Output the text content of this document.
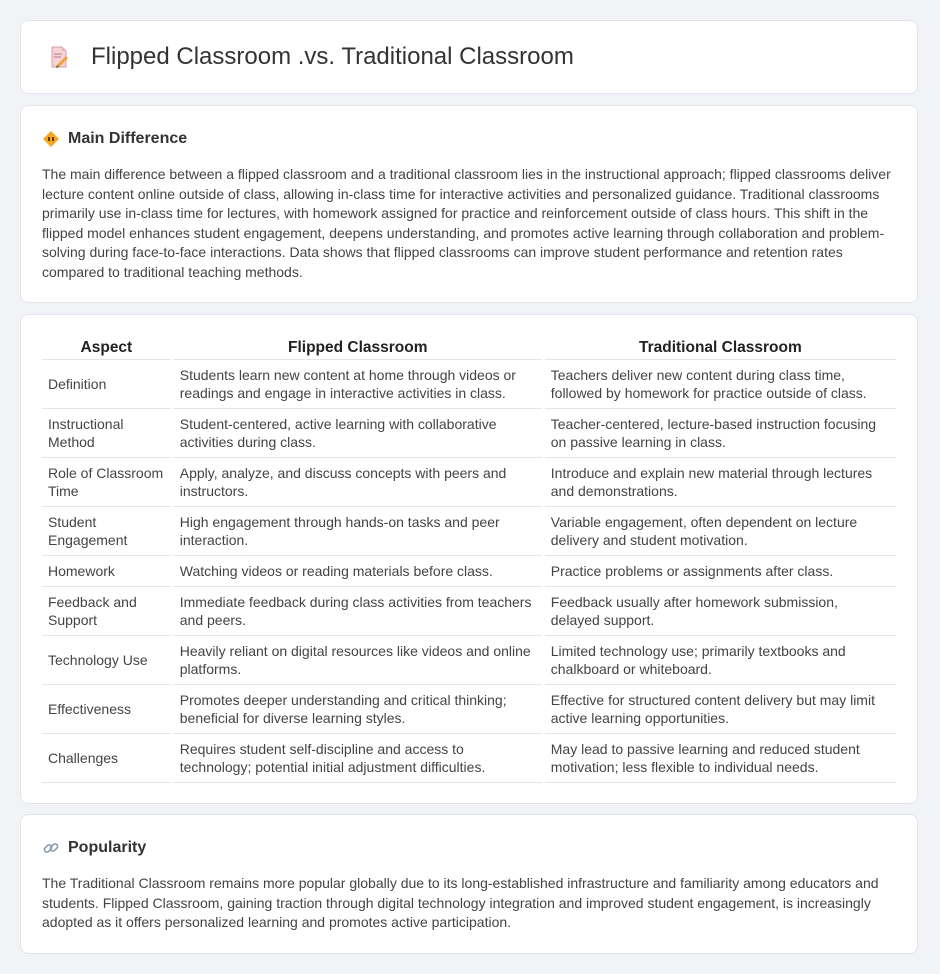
Flipped Classroom .vs. Traditional Classroom
Main Difference

The main difference between a flipped classroom and a traditional classroom lies in the instructional approach; flipped classrooms deliver lecture content online outside of class, allowing in-class time for interactive activities and personalized guidance. Traditional classrooms primarily use in-class time for lectures, with homework assigned for practice and reinforcement outside of class hours. This shift in the flipped model enhances student engagement, deepens understanding, and promotes active learning through collaboration and problem-solving during face-to-face interactions. Data shows that flipped classrooms can improve student performance and retention rates compared to traditional teaching methods.

Aspect	Flipped Classroom	Traditional Classroom
Definition	Students learn new content at home through videos or readings and engage in interactive activities in class.	Teachers deliver new content during class time, followed by homework for practice outside of class.
Instructional Method	Student-centered, active learning with collaborative activities during class.	Teacher-centered, lecture-based instruction focusing on passive learning in class.
Role of Classroom Time	Apply, analyze, and discuss concepts with peers and instructors.	Introduce and explain new material through lectures and demonstrations.
Student Engagement	High engagement through hands-on tasks and peer interaction.	Variable engagement, often dependent on lecture delivery and student motivation.
Homework	Watching videos or reading materials before class.	Practice problems or assignments after class.
Feedback and Support	Immediate feedback during class activities from teachers and peers.	Feedback usually after homework submission, delayed support.
Technology Use	Heavily reliant on digital resources like videos and online platforms.	Limited technology use; primarily textbooks and chalkboard or whiteboard.
Effectiveness	Promotes deeper understanding and critical thinking; beneficial for diverse learning styles.	Effective for structured content delivery but may limit active learning opportunities.
Challenges	Requires student self-discipline and access to technology; potential initial adjustment difficulties.	May lead to passive learning and reduced student motivation; less flexible to individual needs.
Popularity

The Traditional Classroom remains more popular globally due to its long-established infrastructure and familiarity among educators and students. Flipped Classroom, gaining traction through digital technology integration and improved student engagement, is increasingly adopted as it offers personalized learning and promotes active participation.
